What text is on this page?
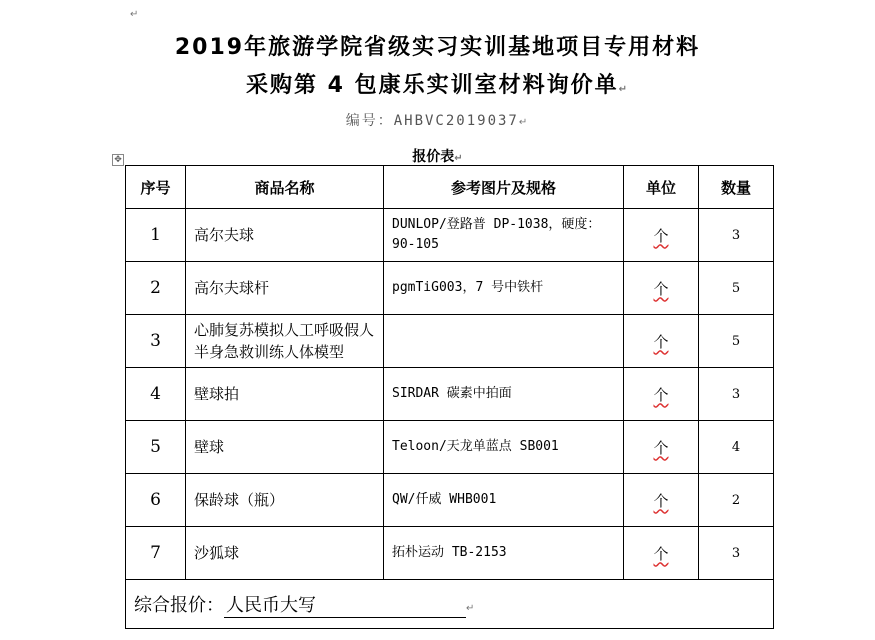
↵
2019年旅游学院省级实习实训基地项目专用材料
采购第 4 包康乐实训室材料询价单↵
编号：AHBVC2019037↵
报价表↵
✥
序号	商品名称	参考图片及规格	单位	数量
1	高尔夫球	DUNLOP/登路普 DP-1038，硬度：90-105	个	3
2	高尔夫球杆	pgmTiG003，7 号中铁杆	个	5
3	心肺复苏模拟人工呼吸假人半身急救训练人体模型		个	5
4	壁球拍	SIRDAR 碳素中拍面	个	3
5	壁球	Teloon/天龙单蓝点 SB001	个	4
6	保龄球（瓶）	QW/仟威 WHB001	个	2
7	沙狐球	拓朴运动 TB-2153	个	3
综合报价： 人民币大写 ↵				
